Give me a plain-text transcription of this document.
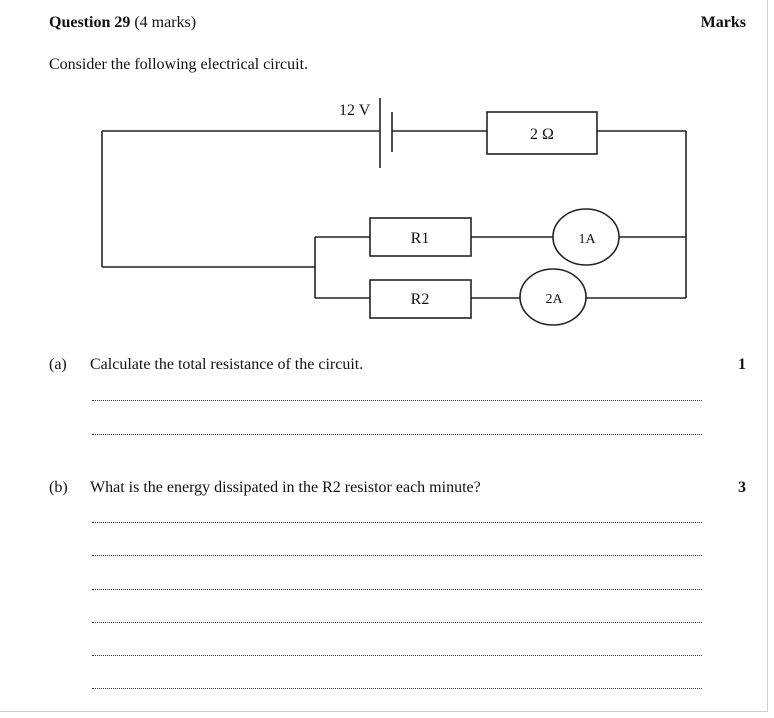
Question 29 (4 marks)	Marks
Consider the following electrical circuit.
12 V
2 Ω
R1
R2
1A
2A
(a) Calculate the total resistance of the circuit.	1
(b) What is the energy dissipated in the R2 resistor each minute?	3
